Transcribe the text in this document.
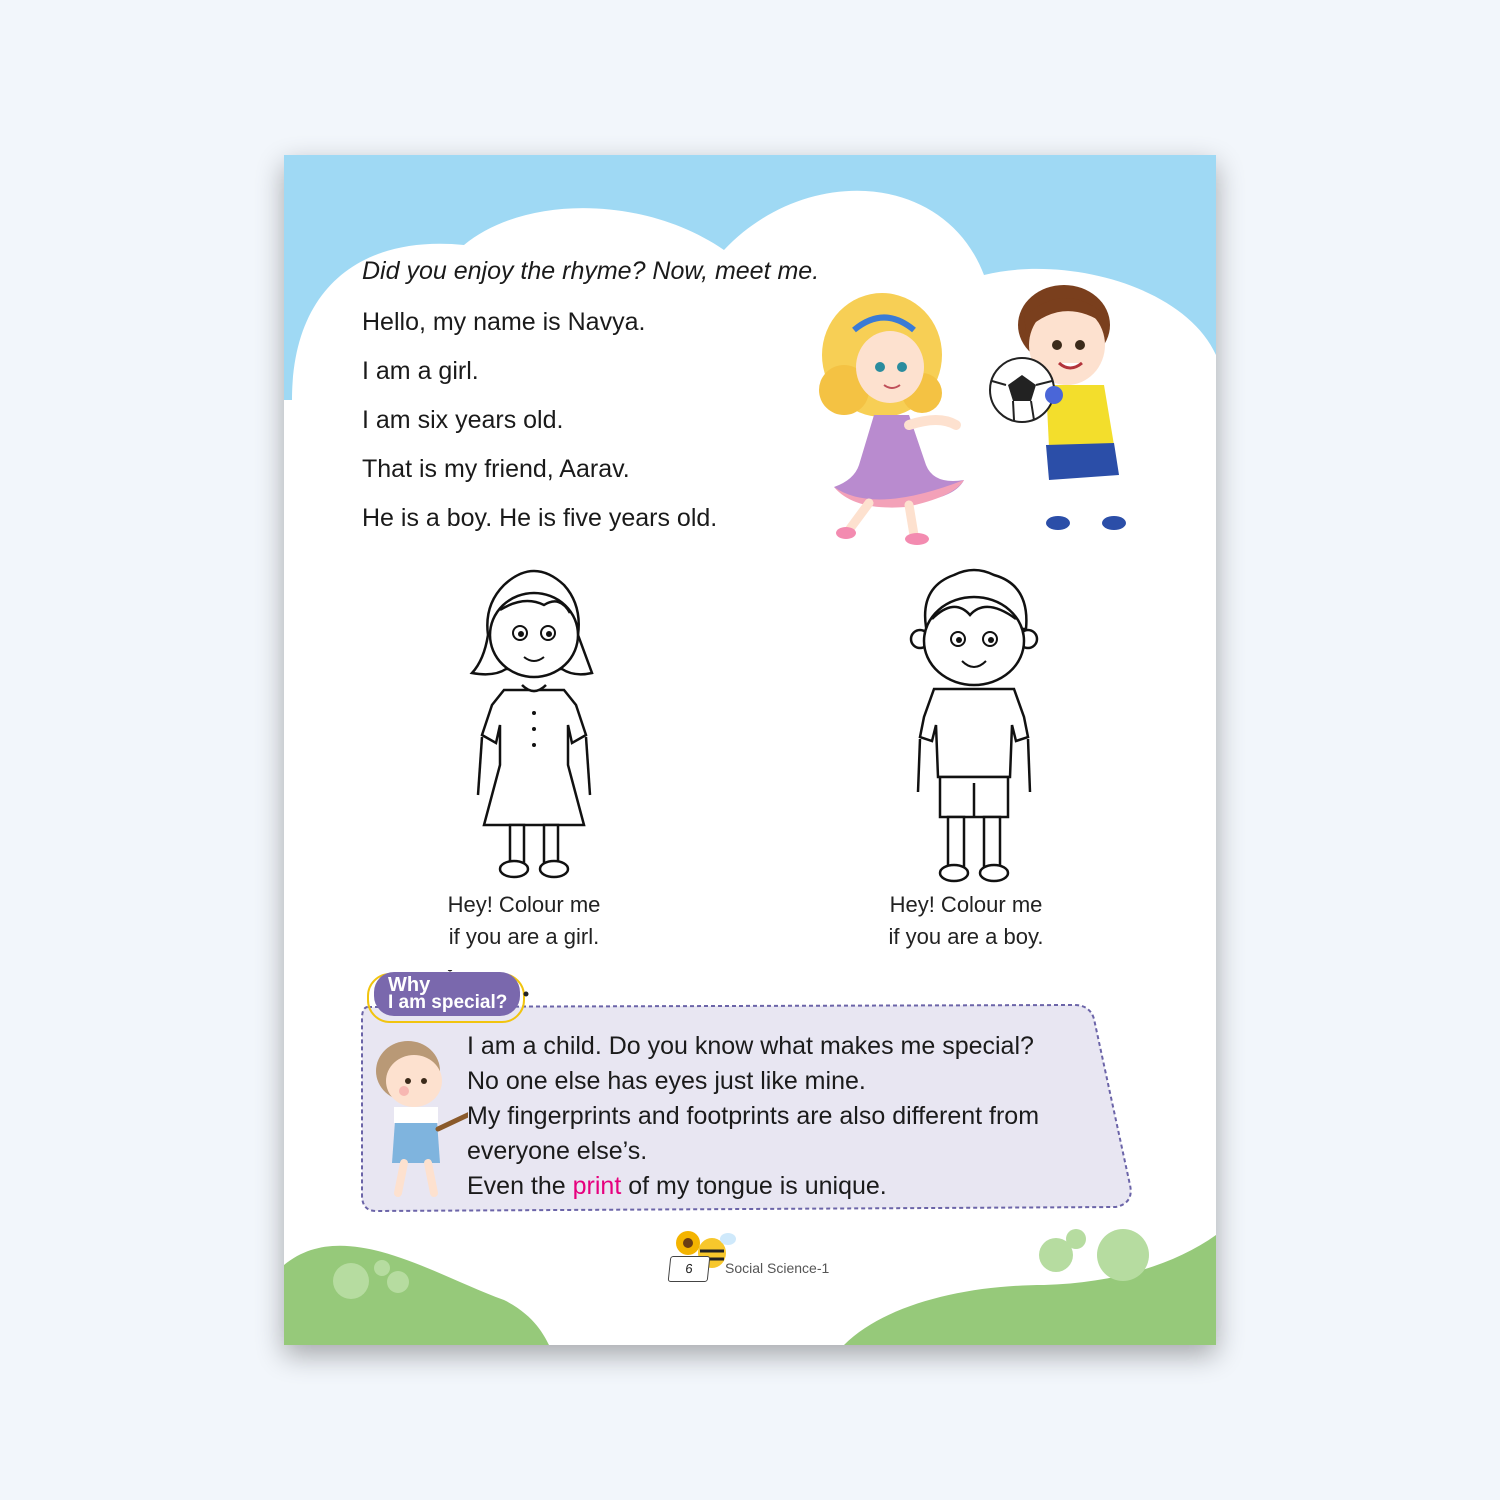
Did you enjoy the rhyme? Now, meet me.
Hello, my name is Navya.
I am a girl.
I am six years old.
That is my friend, Aarav.
He is a boy. He is five years old.
Hey! Colour me
if you are a girl.
Hey! Colour me
if you are a boy.
Why
I am special?
I am a child. Do you know what makes me special?
No one else has eyes just like mine.
My fingerprints and footprints are also different from
everyone else’s.
Even the print of my tongue is unique.
6	Social Science-1
